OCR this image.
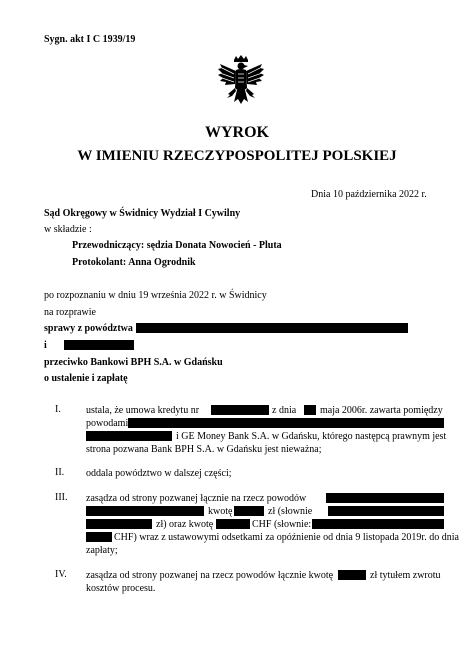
Sygn. akt I C 1939/19
WYROK
W IMIENIU RZECZYPOSPOLITEJ POLSKIEJ
Dnia 10 października 2022 r.
Sąd Okręgowy w Świdnicy Wydział I Cywilny
w składzie :
Przewodniczący: sędzia Donata Nowocień - Pluta
Protokolant: Anna Ogrodnik
po rozpoznaniu w dniu 19 września 2022 r. w Świdnicy
na rozprawie
sprawy z powództwa
i
przeciwko Bankowi BPH S.A. w Gdańsku
o ustalenie i zapłatę
I.	ustala, że umowa kredytu nr	z dnia maja 2006r. zawarta pomiędzy
powodami
i GE Money Bank S.A. w Gdańsku, którego następcą prawnym jest
strona pozwana Bank BPH S.A. w Gdańsku jest nieważna;
II. oddala powództwo w dalszej części;
III. zasądza od strony pozwanej łącznie na rzecz powodów
kwotę	zł (słownie
zł) oraz kwotę	CHF (słownie:
CHF) wraz z ustawowymi odsetkami za opóźnienie od dnia 9 listopada 2019r. do dnia
zapłaty;
IV. zasądza od strony pozwanej na rzecz powodów łącznie kwotę	zł tytułem zwrotu
kosztów procesu.
